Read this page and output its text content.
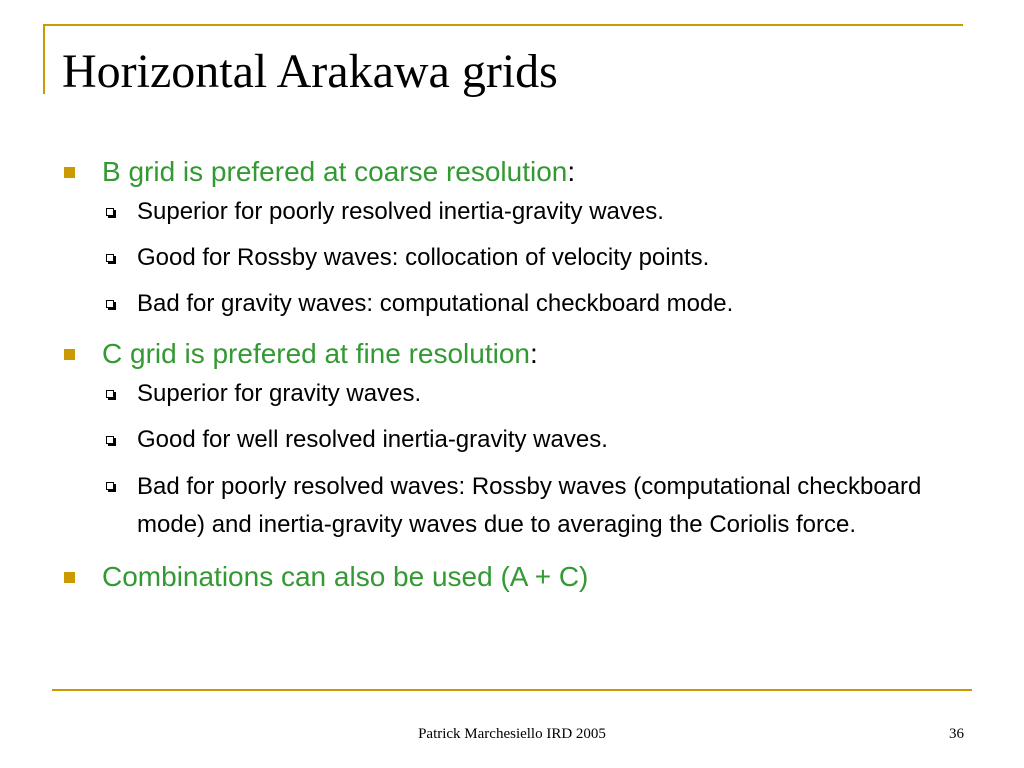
Horizontal Arakawa grids
B grid is prefered at coarse resolution:
Superior for poorly resolved inertia-gravity waves.
Good for Rossby waves: collocation of velocity points.
Bad for gravity waves: computational checkboard mode.
C grid is prefered at fine resolution:
Superior for gravity waves.
Good for well resolved inertia-gravity waves.
Bad for poorly resolved waves: Rossby waves (computational checkboard mode) and inertia-gravity waves due to averaging the Coriolis force.
Combinations can also be used (A + C)
Patrick Marchesiello IRD 2005	36
